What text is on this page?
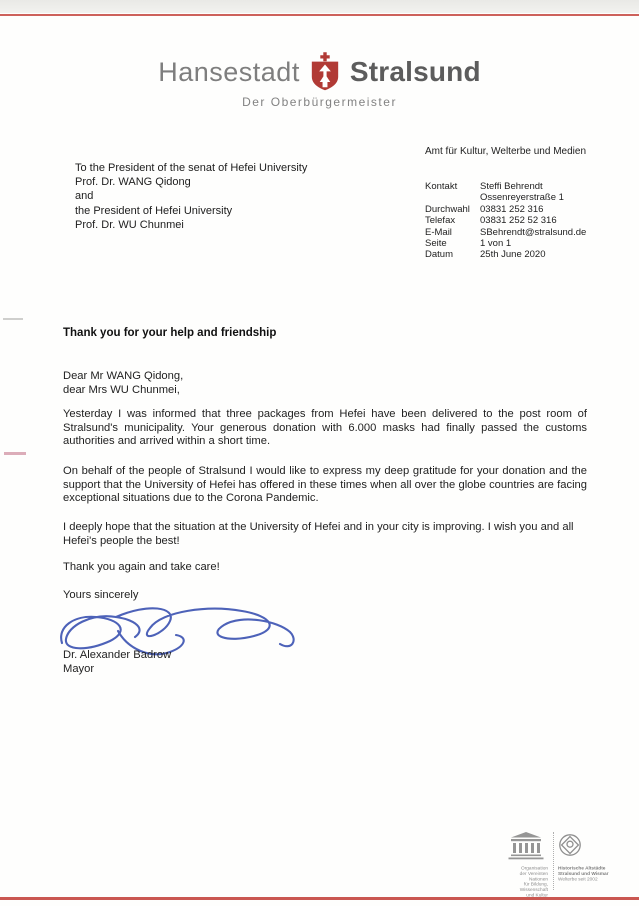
Hansestadt Stralsund
Der Oberbürgermeister
Amt für Kultur, Welterbe und Medien
To the President of the senat of Hefei University
Prof. Dr. WANG Qidong
and
the President of Hefei University
Prof. Dr. WU Chunmei
Kontakt	Steffi Behrendt
	Ossenreyerstraße 1
Durchwahl	03831 252 316
Telefax	03831 252 52 316
E-Mail	SBehrendt@stralsund.de
Seite	1 von 1
Datum	25th June 2020
Thank you for your help and friendship
Dear Mr WANG Qidong,
dear Mrs WU Chunmei,

Yesterday I was informed that three packages from Hefei have been delivered to the post room of Stralsund's municipality. Your generous donation with 6.000 masks had finally passed the customs authorities and arrived within a short time.

On behalf of the people of Stralsund I would like to express my deep gratitude for your donation and the support that the University of Hefei has offered in these times when all over the globe countries are facing exceptional situations due to the Corona Pandemic.

I deeply hope that the situation at the University of Hefei and in your city is improving. I wish you and all Hefei's people the best!

Thank you again and take care!
Yours sincerely
Dr. Alexander Badrow
Mayor
Organisation
der Vereinten Nationen
für Bildung, Wissenschaft
und Kultur
Historische Altstädte
Stralsund und Wismar
Welterbe seit 2002
